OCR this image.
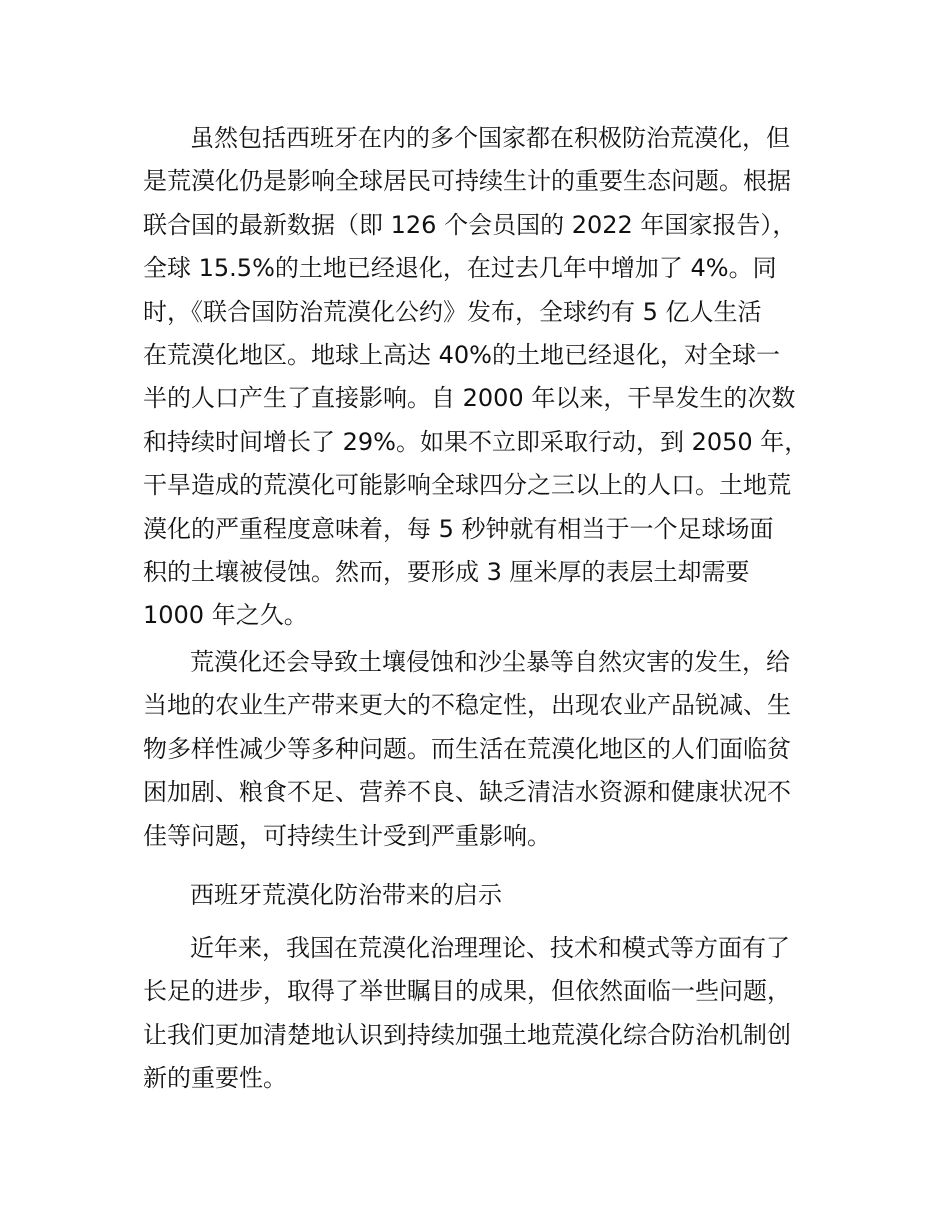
虽然包括西班牙在内的多个国家都在积极防治荒漠化，但
是荒漠化仍是影响全球居民可持续生计的重要生态问题。根据
联合国的最新数据（即 126 个会员国的 2022 年国家报告），
全球 15.5%的土地已经退化，在过去几年中增加了 4%。同
时，《联合国防治荒漠化公约》发布，全球约有 5 亿人生活
在荒漠化地区。地球上高达 40%的土地已经退化，对全球一
半的人口产生了直接影响。自 2000 年以来，干旱发生的次数
和持续时间增长了 29%。如果不立即采取行动，到 2050 年，
干旱造成的荒漠化可能影响全球四分之三以上的人口。土地荒
漠化的严重程度意味着，每 5 秒钟就有相当于一个足球场面
积的土壤被侵蚀。然而，要形成 3 厘米厚的表层土却需要
1000 年之久。
荒漠化还会导致土壤侵蚀和沙尘暴等自然灾害的发生，给
当地的农业生产带来更大的不稳定性，出现农业产品锐减、生
物多样性减少等多种问题。而生活在荒漠化地区的人们面临贫
困加剧、粮食不足、营养不良、缺乏清洁水资源和健康状况不
佳等问题，可持续生计受到严重影响。
西班牙荒漠化防治带来的启示
近年来，我国在荒漠化治理理论、技术和模式等方面有了
长足的进步，取得了举世瞩目的成果，但依然面临一些问题，
让我们更加清楚地认识到持续加强土地荒漠化综合防治机制创
新的重要性。
